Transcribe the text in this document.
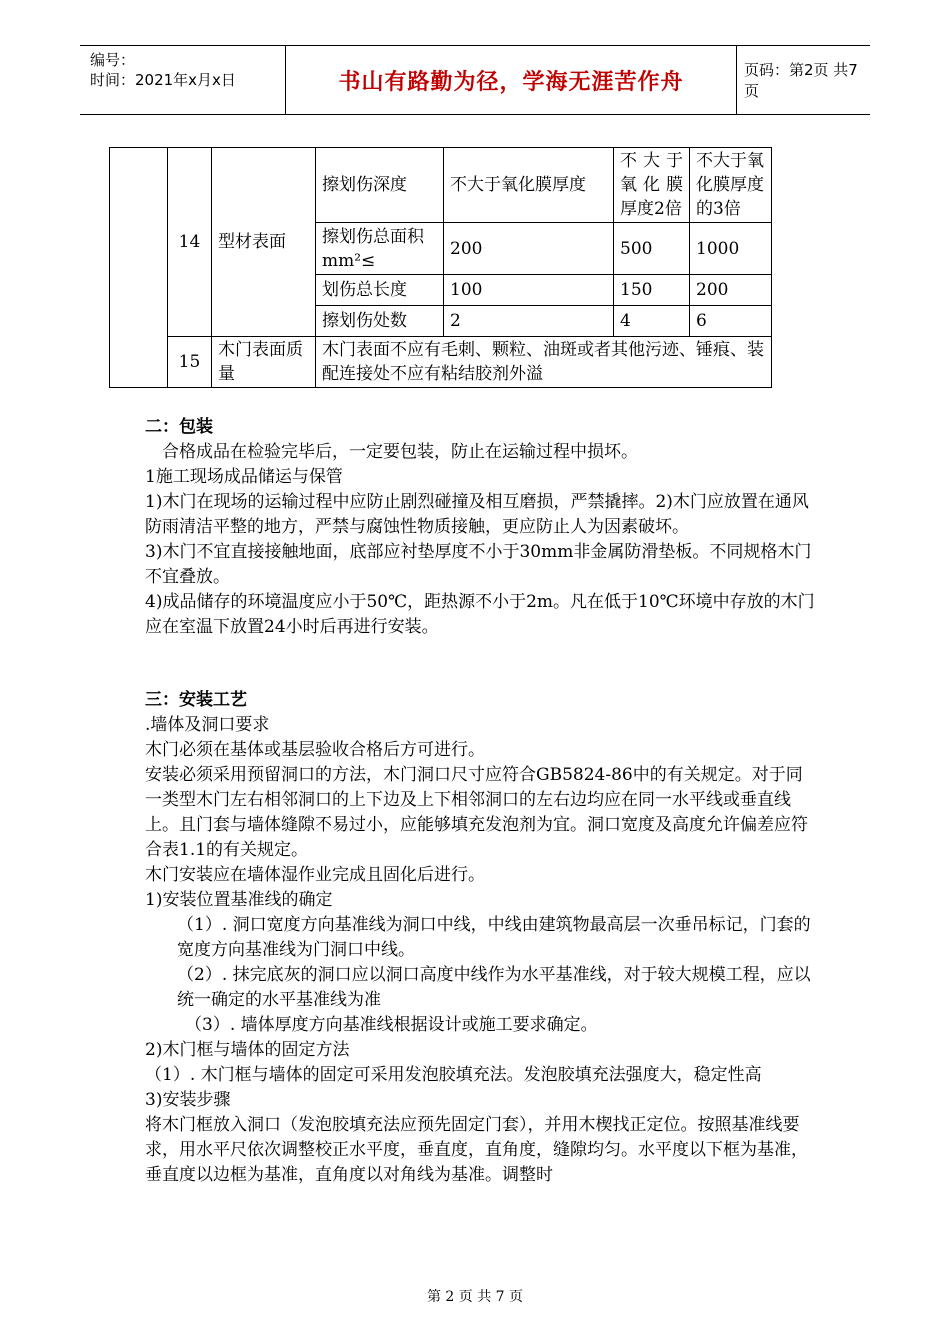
编号：
时间：2021年x月x日	书山有路勤为径，学海无涯苦作舟	页码：第2页 共7页
	14	型材表面	擦划伤深度	不大于氧化膜厚度	不 大 于 氧 化 膜 厚度2倍	不大于氧化膜厚度的3倍
			擦划伤总面积 mm²≤	200	500	1000
			划伤总长度	100	150	200
			擦划伤处数	2	4	6
	15	木门表面质量	木门表面不应有毛刺、颗粒、油斑或者其他污迹、锤痕、装配连接处不应有粘结胶剂外溢			
二：包装
合格成品在检验完毕后，一定要包装，防止在运输过程中损坏。
1施工现场成品储运与保管
1)木门在现场的运输过程中应防止剧烈碰撞及相互磨损，严禁撬摔。2)木门应放置在通风防雨清洁平整的地方，严禁与腐蚀性物质接触，更应防止人为因素破坏。
3)木门不宜直接接触地面，底部应衬垫厚度不小于30mm非金属防滑垫板。不同规格木门不宜叠放。
4)成品储存的环境温度应小于50℃，距热源不小于2m。凡在低于10℃环境中存放的木门应在室温下放置24小时后再进行安装。
三：安装工艺
.墙体及洞口要求
木门必须在基体或基层验收合格后方可进行。
安装必须采用预留洞口的方法，木门洞口尺寸应符合GB5824-86中的有关规定。对于同一类型木门左右相邻洞口的上下边及上下相邻洞口的左右边均应在同一水平线或垂直线上。且门套与墙体缝隙不易过小，应能够填充发泡剂为宜。洞口宽度及高度允许偏差应符合表1.1的有关规定。
木门安装应在墙体湿作业完成且固化后进行。
1)安装位置基准线的确定
（1）. 洞口宽度方向基准线为洞口中线，中线由建筑物最高层一次垂吊标记，门套的宽度方向基准线为门洞口中线。
（2）. 抹完底灰的洞口应以洞口高度中线作为水平基准线，对于较大规模工程，应以统一确定的水平基准线为准
（3）. 墙体厚度方向基准线根据设计或施工要求确定。
2)木门框与墙体的固定方法
（1）. 木门框与墙体的固定可采用发泡胶填充法。发泡胶填充法强度大，稳定性高
3)安装步骤
将木门框放入洞口（发泡胶填充法应预先固定门套），并用木楔找正定位。按照基准线要求，用水平尺依次调整校正水平度，垂直度，直角度，缝隙均匀。水平度以下框为基准，垂直度以边框为基准，直角度以对角线为基准。调整时
第 2 页 共 7 页
